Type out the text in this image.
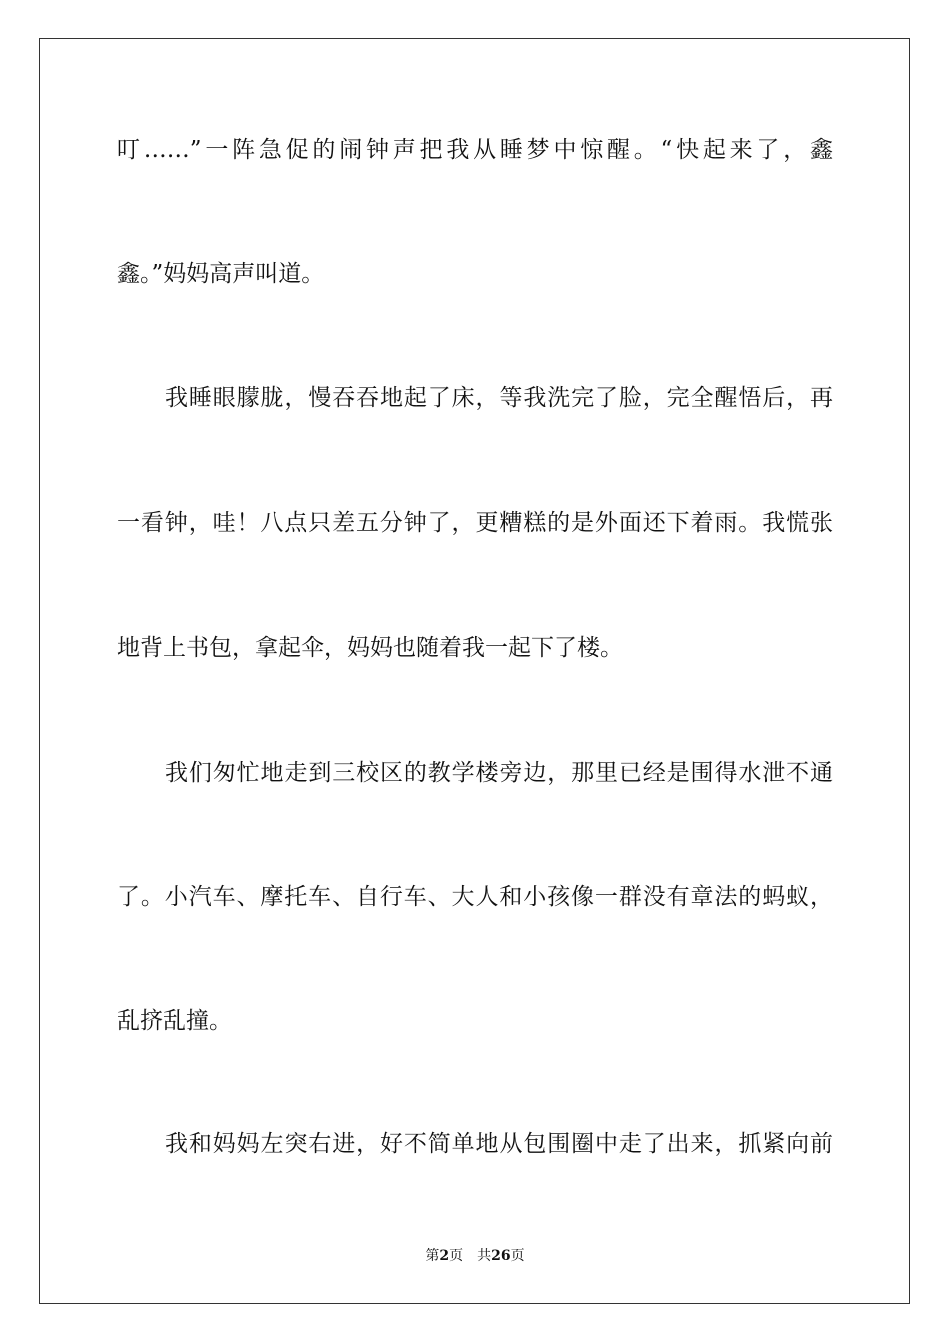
叮……”一阵急促的闹钟声把我从睡梦中惊醒。“快起来了，鑫
鑫。”妈妈高声叫道。
我睡眼朦胧，慢吞吞地起了床，等我洗完了脸，完全醒悟后，再
一看钟，哇！八点只差五分钟了，更糟糕的是外面还下着雨。我慌张
地背上书包，拿起伞，妈妈也随着我一起下了楼。
我们匆忙地走到三校区的教学楼旁边，那里已经是围得水泄不通
了。小汽车、摩托车、自行车、大人和小孩像一群没有章法的蚂蚁，
乱挤乱撞。
我和妈妈左突右进，好不简单地从包围圈中走了出来，抓紧向前
第2页 共26页
